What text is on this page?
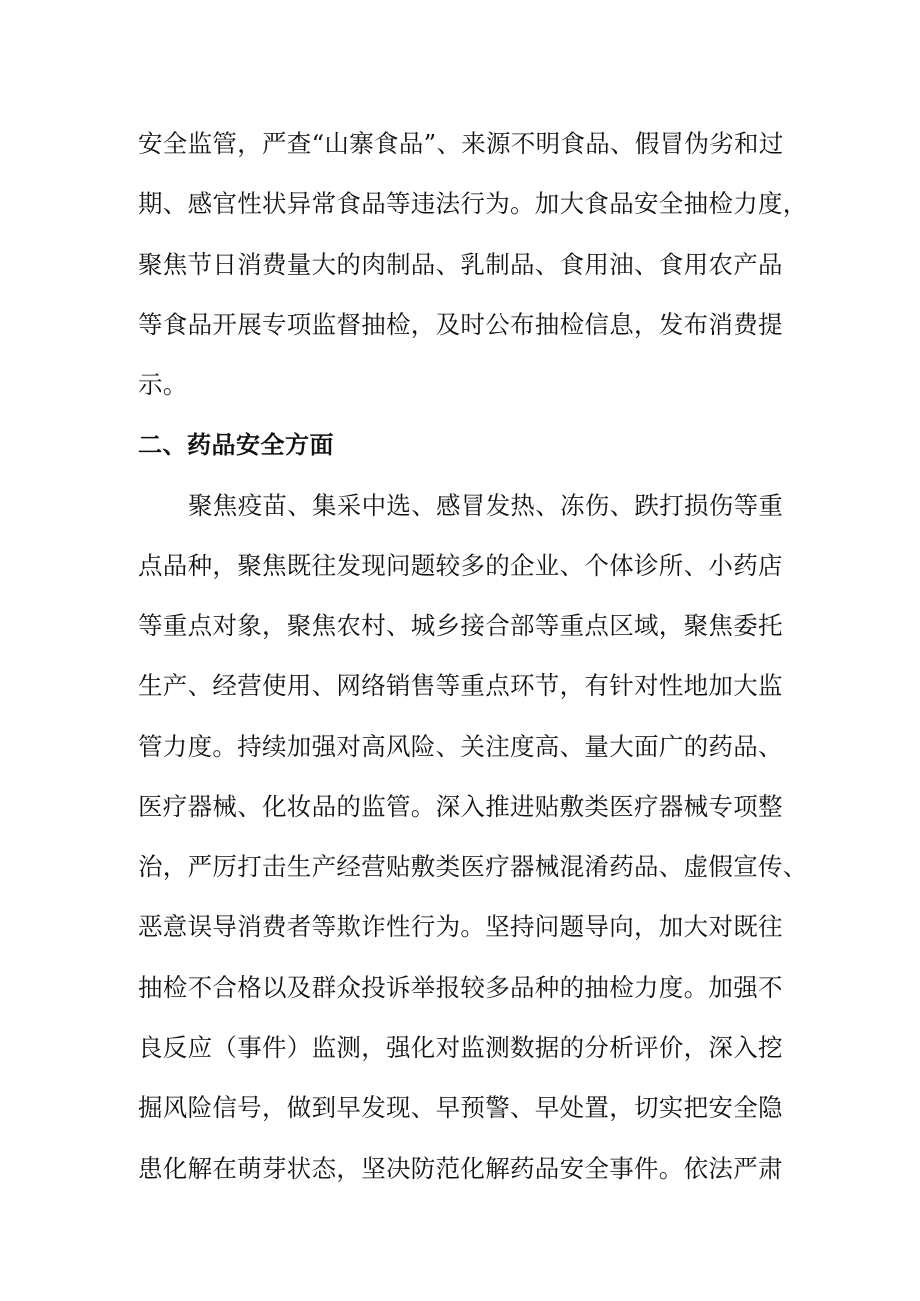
安全监管，严查“山寨食品”、来源不明食品、假冒伪劣和过
期、感官性状异常食品等违法行为。加大食品安全抽检力度，
聚焦节日消费量大的肉制品、乳制品、食用油、食用农产品
等食品开展专项监督抽检，及时公布抽检信息，发布消费提
示。
二、药品安全方面
聚焦疫苗、集采中选、感冒发热、冻伤、跌打损伤等重
点品种，聚焦既往发现问题较多的企业、个体诊所、小药店
等重点对象，聚焦农村、城乡接合部等重点区域，聚焦委托
生产、经营使用、网络销售等重点环节，有针对性地加大监
管力度。持续加强对高风险、关注度高、量大面广的药品、
医疗器械、化妆品的监管。深入推进贴敷类医疗器械专项整
治，严厉打击生产经营贴敷类医疗器械混淆药品、虚假宣传、
恶意误导消费者等欺诈性行为。坚持问题导向，加大对既往
抽检不合格以及群众投诉举报较多品种的抽检力度。加强不
良反应（事件）监测，强化对监测数据的分析评价，深入挖
掘风险信号，做到早发现、早预警、早处置，切实把安全隐
患化解在萌芽状态，坚决防范化解药品安全事件。依法严肃
